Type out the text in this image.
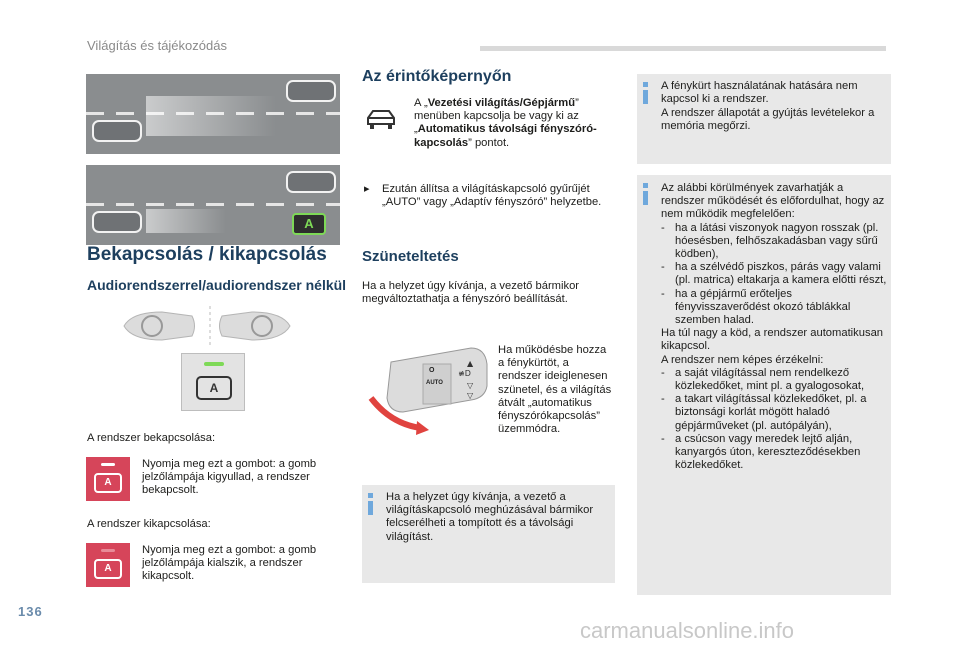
Világítás és tájékozódás
A
Bekapcsolás / kikapcsolás
Audiorendszerrel/audiorendszer nélkül
A
A rendszer bekapcsolása:
A
Nyomja meg ezt a gombot: a gomb jelzőlámpája kigyullad, a rendszer bekapcsolt.
A rendszer kikapcsolása:
A
Nyomja meg ezt a gombot: a gomb jelzőlámpája kialszik, a rendszer kikapcsolt.
Az érintőképernyőn
A „Vezetési világítás/Gépjármű” menüben kapcsolja be vagy ki az „Automatikus távolsági fényszóró-kapcsolás” pontot.
▸	Ezután állítsa a világításkapcsoló gyűrűjét „AUTO” vagy „Adaptív fényszóró” helyzetbe.
Szüneteltetés
Ha a helyzet úgy kívánja, a vezető bármikor megváltoztathatja a fényszóró beállítását.
O
AUTO
≢D
▽
▽
▲
Ha működésbe hozza a fénykürtöt, a rendszer ideiglenesen szünetel, és a világítás átvált „automatikus fényszórókapcsolás” üzemmódra.
Ha a helyzet úgy kívánja, a vezető a világításkapcsoló meghúzásával bármikor felcserélheti a tompított és a távolsági világítást.
A fénykürt használatának hatására nem kapcsol ki a rendszer.
A rendszer állapotát a gyújtás levételekor a memória megőrzi.
Az alábbi körülmények zavarhatják a rendszer működését és előfordulhat, hogy az nem működik megfelelően:
- ha a látási viszonyok nagyon rosszak (pl. hóesésben, felhőszakadásban vagy sűrű ködben),
- ha a szélvédő piszkos, párás vagy valami (pl. matrica) eltakarja a kamera előtti részt,
- ha a gépjármű erőteljes fényvisszaverődést okozó táblákkal szemben halad.
Ha túl nagy a köd, a rendszer automatikusan kikapcsol.
A rendszer nem képes érzékelni:
- a saját világítással nem rendelkező közlekedőket, mint pl. a gyalogosokat,
- a takart világítással közlekedőket, pl. a biztonsági korlát mögött haladó gépjárműveket (pl. autópályán),
- a csúcson vagy meredek lejtő alján, kanyargós úton, kereszteződésekben közlekedőket.
136
carmanualsonline.info
